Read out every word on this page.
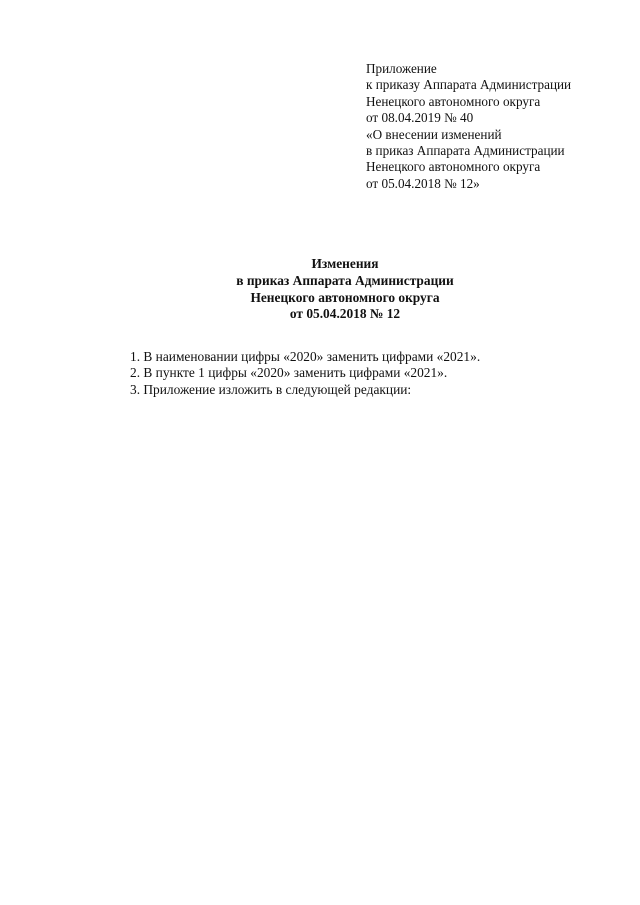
Приложение
к приказу Аппарата Администрации
Ненецкого автономного округа
от 08.04.2019 № 40
«О внесении изменений
в приказ Аппарата Администрации
Ненецкого автономного округа
от 05.04.2018 № 12»
Изменения
в приказ Аппарата Администрации
Ненецкого автономного округа
от 05.04.2018 № 12
1. В наименовании цифры «2020» заменить цифрами «2021».
2. В пункте 1 цифры «2020» заменить цифрами «2021».
3. Приложение изложить в следующей редакции:
